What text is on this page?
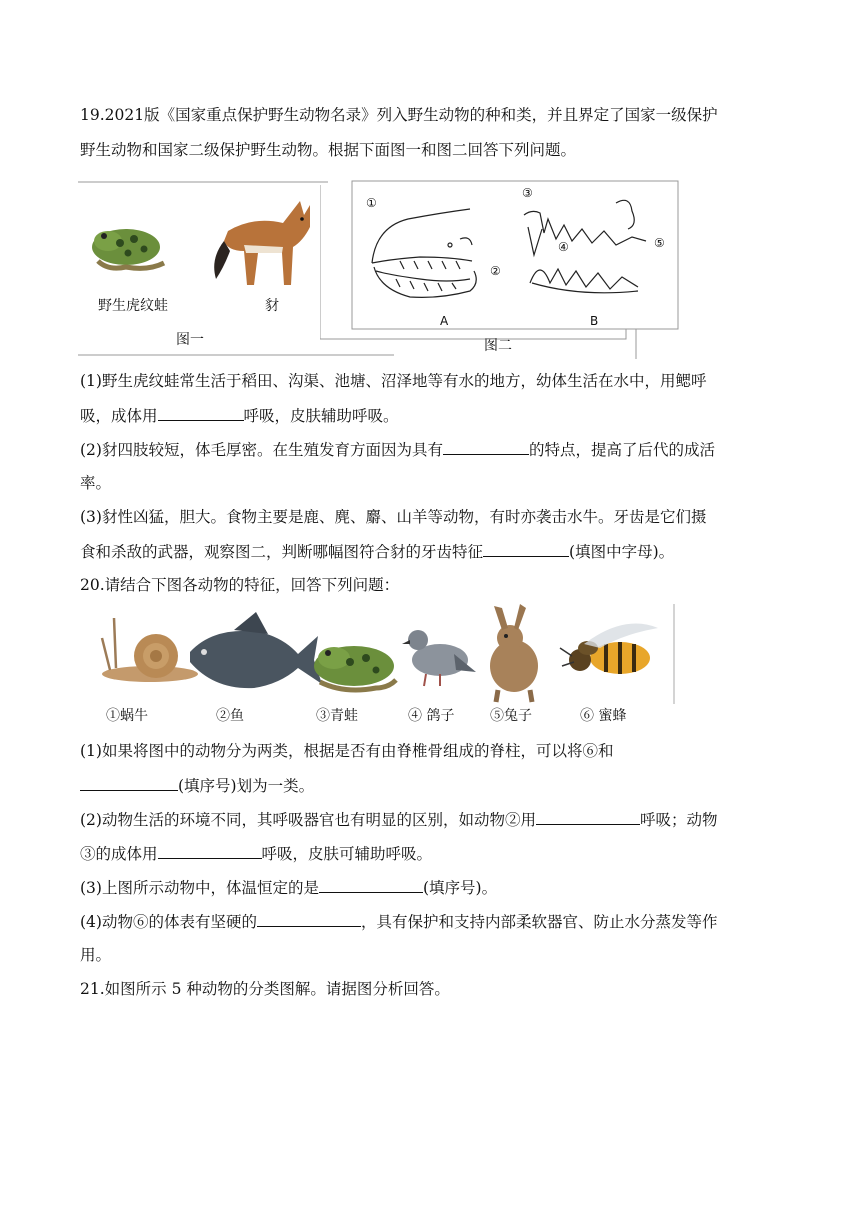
19.2021版《国家重点保护野生动物名录》列入野生动物的种和类，并且界定了国家一级保护
野生动物和国家二级保护野生动物。根据下面图一和图二回答下列问题。
野生虎纹蛙	豺
图一
①
②
③
④	⑤
A	B
图二
(1)野生虎纹蛙常生活于稻田、沟渠、池塘、沼泽地等有水的地方，幼体生活在水中，用鳃呼
吸，成体用	呼吸，皮肤辅助呼吸。
(2)豺四肢较短，体毛厚密。在生殖发育方面因为具有	的特点，提高了后代的成活
率。
(3)豺性凶猛，胆大。食物主要是鹿、麂、麝、山羊等动物，有时亦袭击水牛。牙齿是它们摄
食和杀敌的武器，观察图二，判断哪幅图符合豺的牙齿特征	(填图中字母)。
20.请结合下图各动物的特征，回答下列问题：
①蜗牛	②鱼	③青蛙	④ 鸽子	⑤兔子	⑥ 蜜蜂
(1)如果将图中的动物分为两类，根据是否有由脊椎骨组成的脊柱，可以将⑥和
(填序号)划为一类。
(2)动物生活的环境不同，其呼吸器官也有明显的区别，如动物②用	呼吸；动物
③的成体用	呼吸，皮肤可辅助呼吸。
(3)上图所示动物中，体温恒定的是	(填序号)。
(4)动物⑥的体表有坚硬的	，具有保护和支持内部柔软器官、防止水分蒸发等作
用。
21.如图所示 5 种动物的分类图解。请据图分析回答。
